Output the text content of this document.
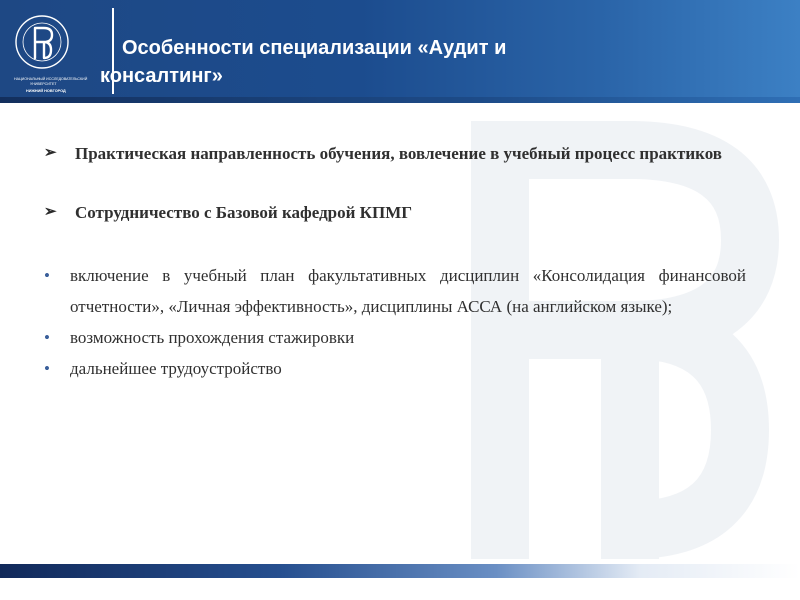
НАЦИОНАЛЬНЫЙ ИССЛЕДОВАТЕЛЬСКИЙ
УНИВЕРСИТЕТ
НИЖНИЙ НОВГОРОД
Особенности специализации «Аудит и
консалтинг»
➢ Практическая направленность обучения, вовлечение в учебный процесс практиков
➢ Сотрудничество с Базовой кафедрой КПМГ
• включение в учебный план факультативных дисциплин «Консолидация финансовой отчетности», «Личная эффективность», дисциплины АССА (на английском языке);
• возможность прохождения стажировки
• дальнейшее трудоустройство
